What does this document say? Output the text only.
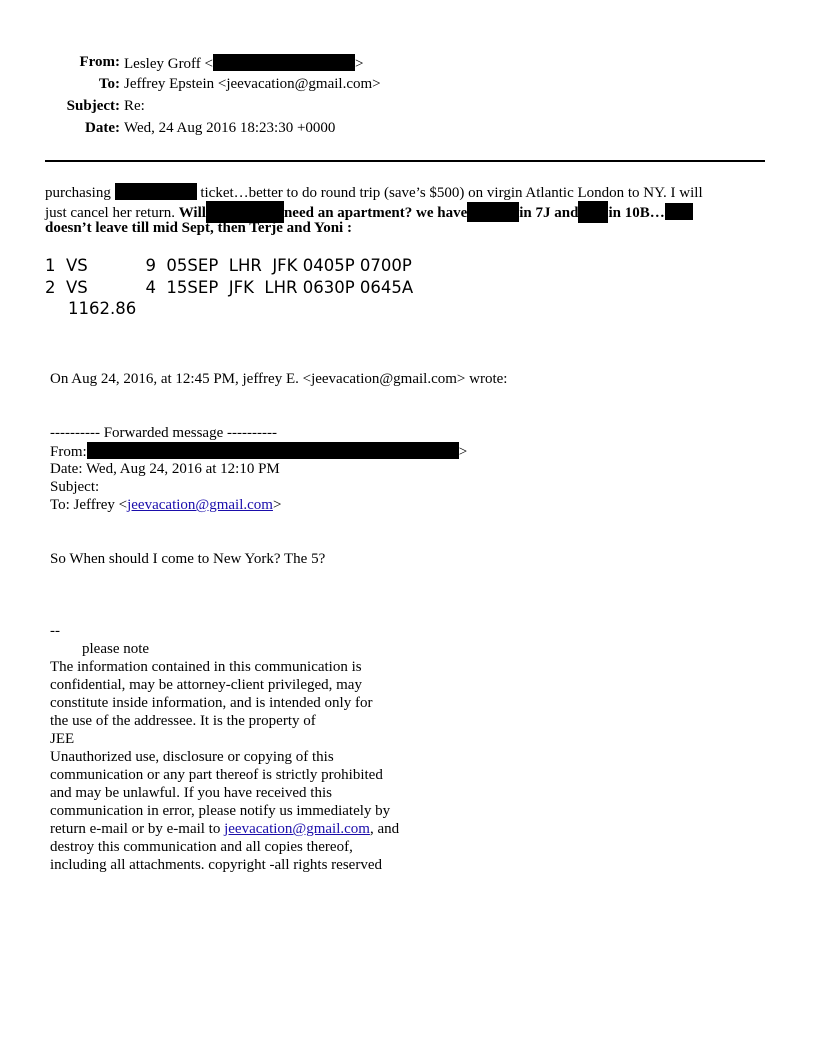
From: Lesley Groff <	>
To: Jeffrey Epstein <jeevacation@gmail.com>
Subject: Re:
Date: Wed, 24 Aug 2016 18:23:30 +0000
purchasing	ticket…better to do round trip (save’s $500) on virgin Atlantic London to NY. I will
just cancel her return. Will	need an apartment? we have	in 7J and in 10B…
doesn’t leave till mid Sept, then Terje and Yoni :
1  VS           9  05SEP  LHR  JFK 0405P 0700P
2  VS           4  15SEP  JFK  LHR 0630P 0645A
1162.86
On Aug 24, 2016, at 12:45 PM, jeffrey E. <jeevacation@gmail.com> wrote:
---------- Forwarded message ----------
From:	>
Date: Wed, Aug 24, 2016 at 12:10 PM
Subject:
To: Jeffrey <jeevacation@gmail.com>
So When should I come to New York? The 5?
--
please note
The information contained in this communication is
confidential, may be attorney-client privileged, may
constitute inside information, and is intended only for
the use of the addressee. It is the property of
JEE
Unauthorized use, disclosure or copying of this
communication or any part thereof is strictly prohibited
and may be unlawful. If you have received this
communication in error, please notify us immediately by
return e-mail or by e-mail to jeevacation@gmail.com, and
destroy this communication and all copies thereof,
including all attachments. copyright -all rights reserved
